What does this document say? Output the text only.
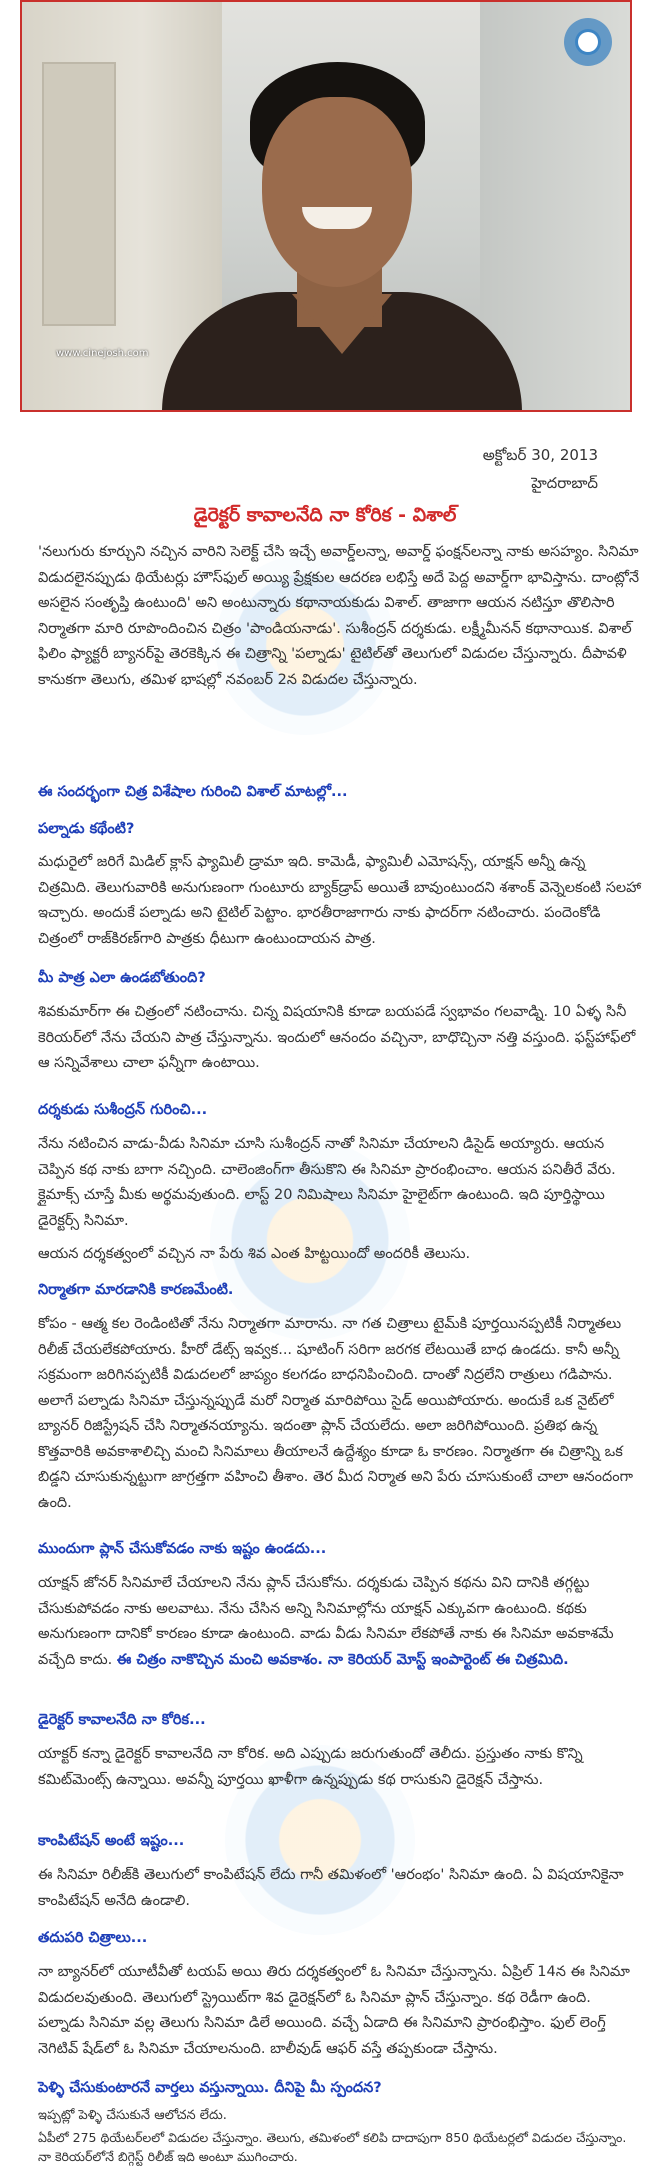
www.cinejosh.com
అక్టోబర్ 30, 2013
హైదరాబాద్
డైరెక్టర్ కావాలనేది నా కోరిక - విశాల్

'నలుగురు కూర్చుని నచ్చిన వారిని సెలెక్ట్ చేసి ఇచ్చే అవార్డ్‌లన్నా, అవార్డ్ ఫంక్షన్‌లన్నా నాకు అసహ్యం. సినిమా విడుదలైనప్పుడు థియేటర్లు హౌస్‌ఫుల్ అయ్యి ప్రేక్షకుల ఆదరణ లభిస్తే అదే పెద్ద అవార్డ్‌గా భావిస్తాను. దాంట్లోనే అసలైన సంతృప్తి ఉంటుంది' అని అంటున్నారు కథానాయకుడు విశాల్. తాజాగా ఆయన నటిస్తూ తొలిసారి నిర్మాతగా మారి రూపొందించిన చిత్రం 'పాండియనాడు'. సుశీంద్రన్ దర్శకుడు. లక్ష్మీమీనన్ కథానాయిక. విశాల్ ఫిలిం ఫ్యాక్టరీ బ్యానర్‌పై తెరకెక్కిన ఈ చిత్రాన్ని 'పల్నాడు' టైటిల్‌తో తెలుగులో విడుదల చేస్తున్నారు. దీపావళి కానుకగా తెలుగు, తమిళ భాషల్లో నవంబర్ 2న విడుదల చేస్తున్నారు.

ఈ సందర్భంగా చిత్ర విశేషాల గురించి విశాల్ మాటల్లో...

పల్నాడు కథేంటి?

మధురైలో జరిగే మిడిల్ క్లాస్ ఫ్యామిలీ డ్రామా ఇది. కామెడీ, ఫ్యామిలీ ఎమోషన్స్, యాక్షన్ అన్నీ ఉన్న చిత్రమిది. తెలుగువారికి అనుగుణంగా గుంటూరు బ్యాక్‌డ్రాప్ అయితే బావుంటుందని శశాంక్ వెన్నెలకంటి సలహా ఇచ్చారు. అందుకే పల్నాడు అని టైటిల్ పెట్టాం. భారతీరాజాగారు నాకు ఫాదర్‌గా నటించారు. పందెంకోడి చిత్రంలో రాజ్‌కిరణ్‌గారి పాత్రకు ధీటుగా ఉంటుందాయన పాత్ర.

మీ పాత్ర ఎలా ఉండబోతుంది?

శివకుమార్‌గా ఈ చిత్రంలో నటించాను. చిన్న విషయానికి కూడా బయపడే స్వభావం గలవాడ్ని. 10 ఏళ్ళ సినీ కెరియర్‌లో నేను చేయని పాత్ర చేస్తున్నాను. ఇందులో ఆనందం వచ్చినా, బాధొచ్చినా నత్తి వస్తుంది. ఫస్ట్‌హాఫ్‌లో ఆ సన్నివేశాలు చాలా ఫన్నీగా ఉంటాయి.

దర్శకుడు సుశీంద్రన్ గురించి...

నేను నటించిన వాడు-వీడు సినిమా చూసి సుశీంద్రన్ నాతో సినిమా చేయాలని డిసైడ్ అయ్యారు. ఆయన చెప్పిన కథ నాకు బాగా నచ్చింది. చాలెంజింగ్‌గా తీసుకొని ఈ సినిమా ప్రారంభించాం. ఆయన పనితీరే వేరు. క్లైమాక్స్ చూస్తే మీకు అర్థమవుతుంది. లాస్ట్ 20 నిమిషాలు సినిమా హైలైట్‌గా ఉంటుంది. ఇది పూర్తిస్థాయి డైరెక్టర్స్ సినిమా.

ఆయన దర్శకత్వంలో వచ్చిన నా పేరు శివ ఎంత హిట్టయిందో అందరికీ తెలుసు.

నిర్మాతగా మారడానికి కారణమేంటి.

కోపం - ఆత్మ కల రెండింటితో నేను నిర్మాతగా మారాను. నా గత చిత్రాలు టైమ్‌కి పూర్తయినప్పటికీ నిర్మాతలు రిలీజ్ చేయలేకపోయారు. హీరో డేట్స్ ఇవ్వక... షూటింగ్ సరిగా జరగక లేటయితే బాధ ఉండదు. కానీ అన్నీ సక్రమంగా జరిగినప్పటికీ విడుదలలో జాప్యం కలగడం బాధనిపించింది. దాంతో నిద్రలేని రాత్రులు గడిపాను. అలాగే పల్నాడు సినిమా చేస్తున్నప్పుడే మరో నిర్మాత మారిపోయి సైడ్ అయిపోయారు. అందుకే ఒక నైట్‌లో బ్యానర్ రిజిస్ట్రేషన్ చేసి నిర్మాతనయ్యాను. ఇదంతా ప్లాన్ చేయలేదు. అలా జరిగిపోయింది. ప్రతిభ ఉన్న కొత్తవారికి అవకాశాలిచ్చి మంచి సినిమాలు తీయాలనే ఉద్దేశ్యం కూడా ఓ కారణం. నిర్మాతగా ఈ చిత్రాన్ని ఒక బిడ్డని చూసుకున్నట్టుగా జాగ్రత్తగా వహించి తీశాం. తెర మీద నిర్మాత అని పేరు చూసుకుంటే చాలా ఆనందంగా ఉంది.

ముందుగా ప్లాన్ చేసుకోవడం నాకు ఇష్టం ఉండదు...

యాక్షన్ జోనర్ సినిమాలే చేయాలని నేను ప్లాన్ చేసుకోను. దర్శకుడు చెప్పిన కథను విని దానికి తగ్గట్టు చేసుకుపోవడం నాకు అలవాటు. నేను చేసిన అన్ని సినిమాల్లోను యాక్షన్ ఎక్కువగా ఉంటుంది. కథకు అనుగుణంగా దానికో కారణం కూడా ఉంటుంది. వాడు వీడు సినిమా లేకపోతే నాకు ఈ సినిమా అవకాశమే వచ్చేది కాదు. ఈ చిత్రం నాకొచ్చిన మంచి అవకాశం. నా కెరియర్ మోస్ట్ ఇంపార్టెంట్ ఈ చిత్రమిది.

డైరెక్టర్ కావాలనేది నా కోరిక...

యాక్టర్ కన్నా డైరెక్టర్ కావాలనేది నా కోరిక. అది ఎప్పుడు జరుగుతుందో తెలీదు. ప్రస్తుతం నాకు కొన్ని కమిట్‌మెంట్స్ ఉన్నాయి. అవన్నీ పూర్తయి ఖాళీగా ఉన్నప్పుడు కథ రాసుకుని డైరెక్షన్ చేస్తాను.

కాంపిటేషన్ అంటే ఇష్టం...

ఈ సినిమా రిలీజ్‌కి తెలుగులో కాంపిటేషన్ లేదు గానీ తమిళంలో 'ఆరంభం' సినిమా ఉంది. ఏ విషయానికైనా కాంపిటేషన్ అనేది ఉండాలి.

తదుపరి చిత్రాలు...

నా బ్యానర్‌లో యూటీవీతో టయప్ అయి తిరు దర్శకత్వంలో ఓ సినిమా చేస్తున్నాను. ఏప్రిల్ 14న ఈ సినిమా విడుదలవుతుంది. తెలుగులో స్ట్రెయిట్‌గా శివ డైరెక్షన్‌లో ఓ సినిమా ప్లాన్ చేస్తున్నాం. కథ రెడీగా ఉంది. పల్నాడు సినిమా వల్ల తెలుగు సినిమా డిలే అయింది. వచ్చే ఏడాది ఈ సినిమాని ప్రారంభిస్తాం. ఫుల్ లెంగ్త్ నెగిటివ్ షేడ్‌లో ఓ సినిమా చేయాలనుంది. బాలీవుడ్ ఆఫర్ వస్తే తప్పకుండా చేస్తాను.

పెళ్ళి చేసుకుంటారనే వార్తలు వస్తున్నాయి. దీనిపై మీ స్పందన?

ఇప్పట్లో పెళ్ళి చేసుకునే ఆలోచన లేదు.

ఏపీలో 275 థియేటర్‌లలో విడుదల చేస్తున్నాం. తెలుగు, తమిళంలో కలిపి దాదాపుగా 850 థియేటర్లలో విడుదల చేస్తున్నాం. నా కెరియర్‌లోనే బిగ్గెస్ట్ రిలీజ్ ఇది అంటూ ముగించారు.
